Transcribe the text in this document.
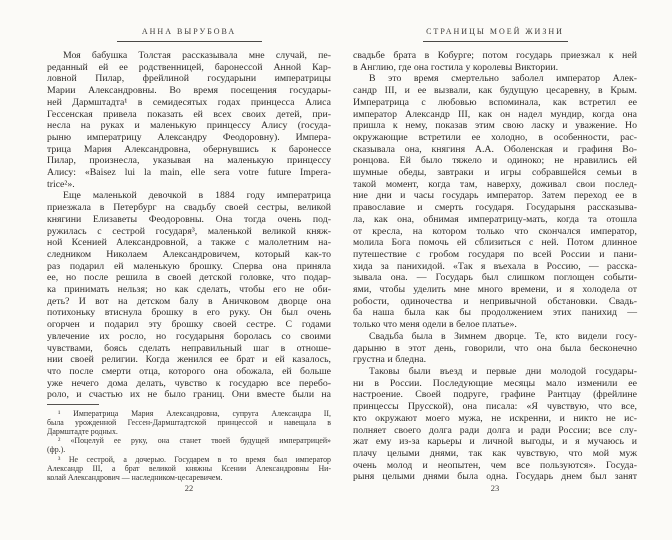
АННА ВЫРУБОВА
Моя бабушка Толстая рассказывала мне случай, пе-
реданный ей ее родственницей, баронессой Анной Кар-
ловной Пилар, фрейлиной государыни императрицы
Марии Александровны. Во время посещения государы-
ней Дармштадта¹ в семидесятых годах принцесса Алиса
Гессенская привела показать ей всех своих детей, при-
несла на руках и маленькую принцессу Алису (госуда-
рыню императрицу Александру Феодоровну). Импера-
трица Мария Александровна, обернувшись к баронессе
Пилар, произнесла, указывая на маленькую принцессу
Алису: «Baisez lui la main, elle sera votre future Impera-
trice²».
Еще маленькой девочкой в 1884 году императрица
приезжала в Петербург на свадьбу своей сестры, великой
княгини Елизаветы Феодоровны. Она тогда очень под-
ружилась с сестрой государя³, маленькой великой княж-
ной Ксенией Александровной, а также с малолетним на-
следником Николаем Александровичем, который как-то
раз подарил ей маленькую брошку. Сперва она приняла
ее, но после решила в своей детской головке, что подар-
ка принимать нельзя; но как сделать, чтобы его не оби-
деть? И вот на детском балу в Аничковом дворце она
потихоньку втиснула брошку в его руку. Он был очень
огорчен и подарил эту брошку своей сестре. С годами
увлечение их росло, но государыня боролась со своими
чувствами, боясь сделать неправильный шаг в отноше-
нии своей религии. Когда женился ее брат и ей казалось,
что после смерти отца, которого она обожала, ей больше
уже нечего дома делать, чувство к государю все перебо-
роло, и счастью их не было границ. Они вместе были на
¹ Императрица Мария Александровна, супруга Александра II,
была урожденной Гессен-Дармштадтской принцессой и навещала в
Дармштадте родных.
² «Поцелуй ее руку, она станет твоей будущей императрицей»
(фр.).
³ Не сестрой, а дочерью. Государем в то время был император
Александр III, а брат великой княжны Ксении Александровны Ни-
колай Александрович — наследником-цесаревичем.
22
СТРАНИЦЫ МОЕЙ ЖИЗНИ
свадьбе брата в Кобурге; потом государь приезжал к ней
в Англию, где она гостила у королевы Виктории.
В это время смертельно заболел император Алек-
сандр III, и ее вызвали, как будущую цесаревну, в Крым.
Императрица с любовью вспоминала, как встретил ее
император Александр III, как он надел мундир, когда она
пришла к нему, показав этим свою ласку и уважение. Но
окружающие встретили ее холодно, в особенности, рас-
сказывала она, княгиня А.А. Оболенская и графиня Во-
ронцова. Ей было тяжело и одиноко; не нравились ей
шумные обеды, завтраки и игры собравшейся семьи в
такой момент, когда там, наверху, доживал свои послед-
ние дни и часы государь император. Затем переход ее в
православие и смерть государя. Государыня рассказыва-
ла, как она, обнимая императрицу-мать, когда та отошла
от кресла, на котором только что скончался император,
молила Бога помочь ей сблизиться с ней. Потом длинное
путешествие с гробом государя по всей России и пани-
хида за панихидой. «Так я въехала в Россию, — расска-
зывала она. — Государь был слишком поглощен событи-
ями, чтобы уделить мне много времени, и я холодела от
робости, одиночества и непривычной обстановки. Свадь-
ба наша была как бы продолжением этих панихид —
только что меня одели в белое платье».
Свадьба была в Зимнем дворце. Те, кто видели госу-
дарыню в этот день, говорили, что она была бесконечно
грустна и бледна.
Таковы были въезд и первые дни молодой государы-
ни в России. Последующие месяцы мало изменили ее
настроение. Своей подруге, графине Рантцау (фрейлине
принцессы Прусской), она писала: «Я чувствую, что все,
кто окружают моего мужа, не искренни, и никто не ис-
полняет своего долга ради долга и ради России; все слу-
жат ему из-за карьеры и личной выгоды, и я мучаюсь и
плачу целыми днями, так как чувствую, что мой муж
очень молод и неопытен, чем все пользуются». Госуда-
рыня целыми днями была одна. Государь днем был занят
23
